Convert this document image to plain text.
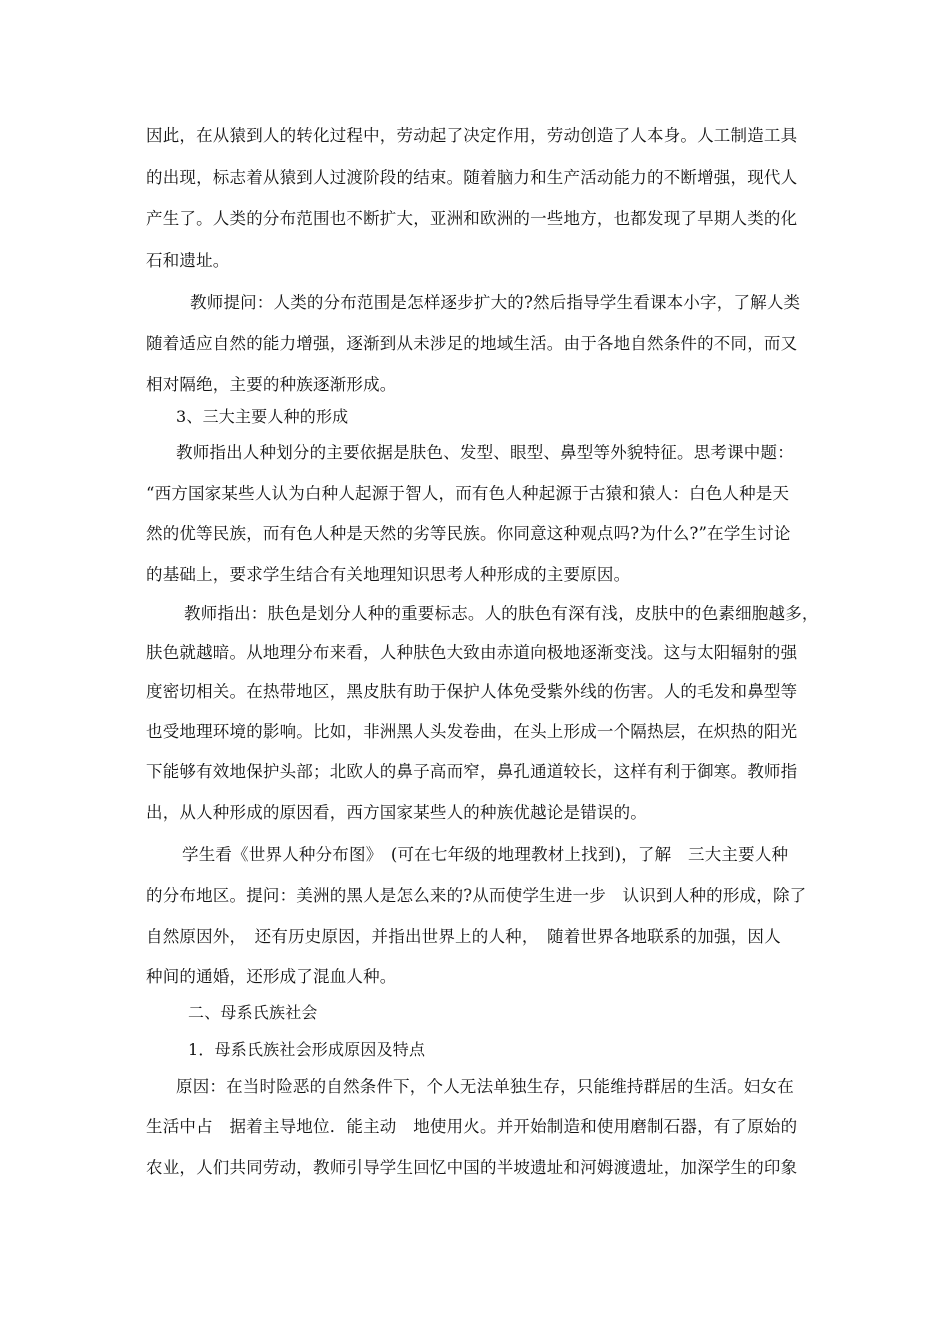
因此，在从猿到人的转化过程中，劳动起了决定作用，劳动创造了人本身。人工制造工具
的出现，标志着从猿到人过渡阶段的结束。随着脑力和生产活动能力的不断增强，现代人
产生了。人类的分布范围也不断扩大，亚洲和欧洲的一些地方，也都发现了早期人类的化
石和遗址。
教师提问：人类的分布范围是怎样逐步扩大的?然后指导学生看课本小字，了解人类
随着适应自然的能力增强，逐渐到从未涉足的地域生活。由于各地自然条件的不同，而又
相对隔绝，主要的种族逐渐形成。
3、三大主要人种的形成
教师指出人种划分的主要依据是肤色、发型、眼型、鼻型等外貌特征。思考课中题：
“西方国家某些人认为白种人起源于智人，而有色人种起源于古猿和猿人：白色人种是天
然的优等民族，而有色人种是天然的劣等民族。你同意这种观点吗?为什么?”在学生讨论
的基础上，要求学生结合有关地理知识思考人种形成的主要原因。
教师指出：肤色是划分人种的重要标志。人的肤色有深有浅，皮肤中的色素细胞越多，
肤色就越暗。从地理分布来看，人种肤色大致由赤道向极地逐渐变浅。这与太阳辐射的强
度密切相关。在热带地区，黑皮肤有助于保护人体免受紫外线的伤害。人的毛发和鼻型等
也受地理环境的影响。比如，非洲黑人头发卷曲，在头上形成一个隔热层，在炽热的阳光
下能够有效地保护头部；北欧人的鼻子高而窄，鼻孔通道较长，这样有利于御寒。教师指
出，从人种形成的原因看，西方国家某些人的种族优越论是错误的。
学生看《世界人种分布图》　(可在七年级的地理教材上找到)，了解　三大主要人种
的分布地区。提问：美洲的黑人是怎么来的?从而使学生进一步　认识到人种的形成，除了
自然原因外，　还有历史原因，并指出世界上的人种，　随着世界各地联系的加强，因人
种间的通婚，还形成了混血人种。
二、母系氏族社会
1．母系氏族社会形成原因及特点
原因：在当时险恶的自然条件下，个人无法单独生存，只能维持群居的生活。妇女在
生活中占　据着主导地位．能主动　地使用火。并开始制造和使用磨制石器，有了原始的
农业，人们共同劳动，教师引导学生回忆中国的半坡遗址和河姆渡遗址，加深学生的印象
